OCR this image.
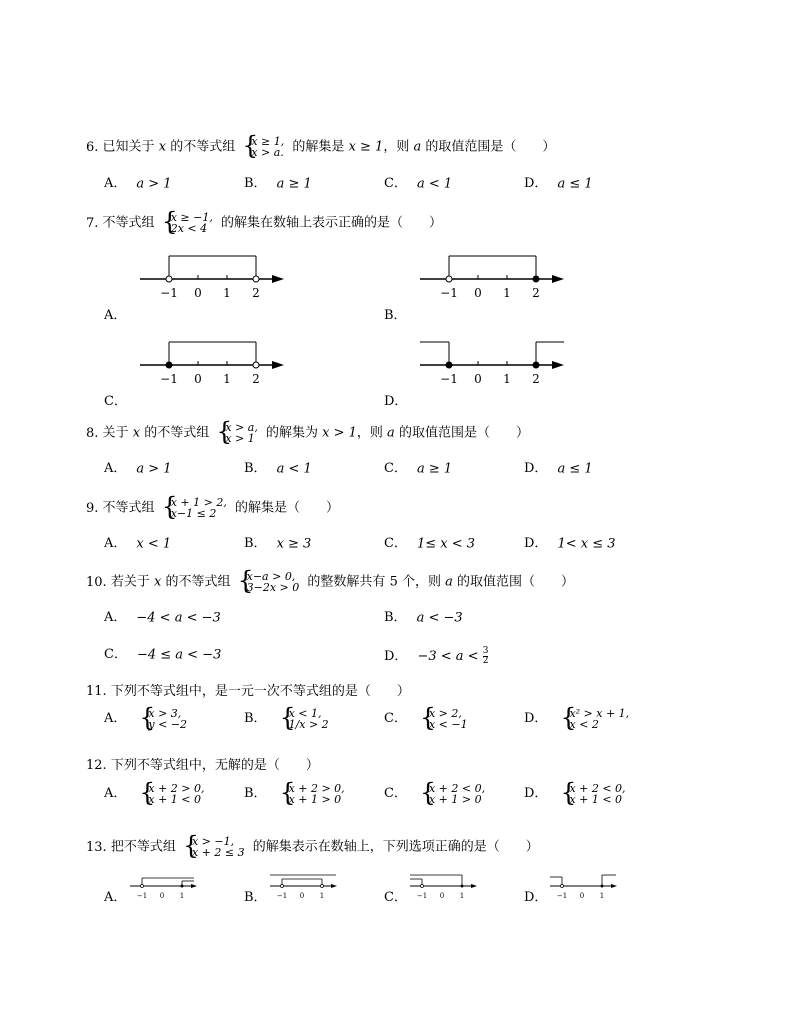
6. 已知关于 x 的不等式组 { x ≥ 1,
x > a. 的解集是 x ≥ 1，则 a 的取值范围是（　　）
A． a > 1	B． a ≥ 1	C． a < 1	D． a ≤ 1
7. 不等式组 { x ≥ −1,
2x < 4	的解集在数轴上表示正确的是（　　）
−1 0 1 2
A．
−1 0 1 2
B．
−1 0 1 2
C．
−1 0 1 2
D．
8. 关于 x 的不等式组 { x > a,
x > 1 的解集为 x > 1，则 a 的取值范围是（　　）
A． a > 1	B． a < 1	C． a ≥ 1	D． a ≤ 1
9. 不等式组 { x + 1 > 2,
x−1 ≤ 2	的解集是（　　）
A． x < 1	B． x ≥ 3	C． 1≤ x < 3	D． 1< x ≤ 3
10. 若关于 x 的不等式组 { x−a > 0,
3−2x > 0 的整数解共有 5 个，则 a 的取值范围（　　）
A． −4 < a < −3	B． a < −3
C． −4 ≤ a < −3	D． $-3 < a < \frac{3}{2}$
11. 下列不等式组中，是一元一次不等式组的是（　　）
A． { x > 3,
y < −2	B． { x < 1,
1/x > 2	C． { x > 2,
x < −1	D． { x² > x + 1,
x < 2
12. 下列不等式组中，无解的是（　　）
A． { x + 2 > 0,
x + 1 < 0	B． { x + 2 > 0,
x + 1 > 0	C． { x + 2 < 0,
x + 1 > 0	D． { x + 2 < 0,
x + 1 < 0
13. 把不等式组 { x > −1,
x + 2 ≤ 3 的解集表示在数轴上，下列选项正确的是（　　）
A．	−1 0 1	B．	−1 0 1	C．	−1 0 1	D．	−1 0 1
